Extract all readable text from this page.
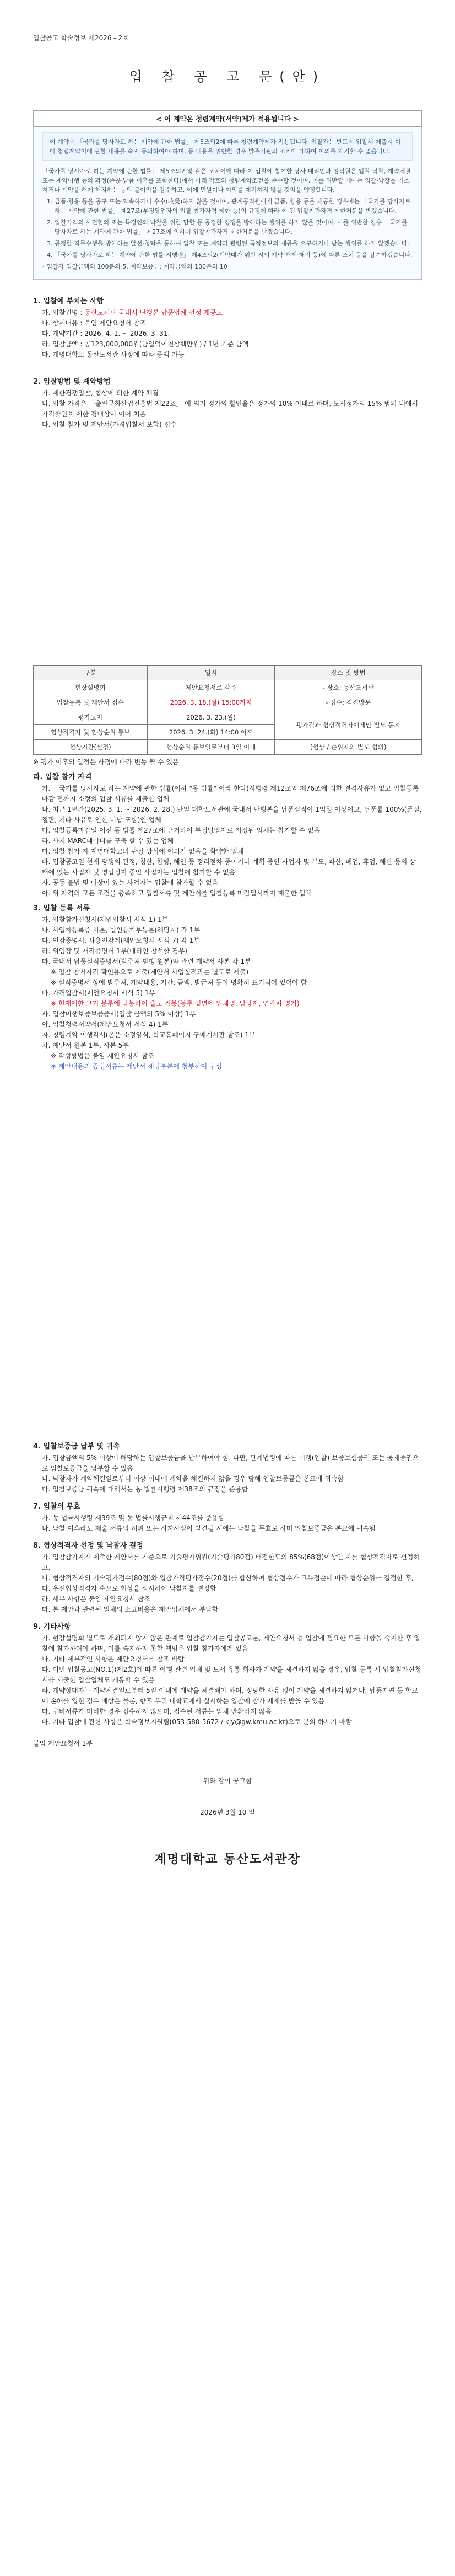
입찰공고 학술정보 제2026 - 2호
입 찰 공 고 문(안)
< 이 계약은 청렴계약(서약)제가 적용됩니다 >
이 계약은 「국가를 당사자로 하는 계약에 관한 법률」 제5조의2에 따른 청렴계약제가 적용됩니다. 입찰자는 반드시 입찰서 제출시 이에 청렴계약이에 관한 내용을 숙지·동의하여야 하며, 동 내용을 위반한 경우 발주기관의 조치에 대하여 이의를 제기할 수 없습니다.

「국가를 당사자로 하는 계약에 관한 법률」 제5조의2 및 같은 조치이에 따라 이 입찰에 참여한 당사 대리인과 임직원은 입찰·낙찰, 계약체결 또는 계약이행 등의 과정(준공·납품 이후를 포함한다)에서 아래 각호의 청렴계약조건을 준수할 것이며, 이를 위반할 때에는 입찰·낙찰을 취소하거나 계약을 해제·해지하는 등의 불이익을 감수하고, 이에 민원이나 이의를 제기하지 않을 것임을 약정합니다.

1. 금품·향응 등을 공구 또는 약속하거나 수수(收受)하지 않을 것이며, 관계공직원에게 금품, 향응 등을 제공한 경우에는 「국가를 당사자로 하는 계약에 관한 법률」 제27조(부정당업자의 입찰 참가자격 제한 등)의 규정에 따라 이 건 입찰참가자격 제한처분을 받겠습니다.
2. 입찰가격의 사전협의 또는 특정인의 낙찰을 위한 담합 등 공정한 경쟁을 방해하는 행위를 하지 않을 것이며, 이를 위반한 경우 「국가를 당사자로 하는 계약에 관한 법률」 제27조에 의하여 입찰참가자격 제한처분을 받겠습니다.
3. 공정한 직무수행을 방해하는 알선·청탁을 통하여 입찰 또는 계약과 관련된 특정정보의 제공을 요구하거나 받는 행위를 하지 않겠습니다.
4. 「국가를 당사자로 하는 계약에 관한 법률 시행령」 제4조의2(계약대가 위반 시의 계약 해제·해지 등)에 따른 조치 등을 감수하겠습니다.

- 입찰자 입찰금액의 100분의 5. 계약보증금: 계약금액의 100분의 10

1. 입찰에 부치는 사항
가. 입찰건명 : 동산도서관 국내서 단행본 납품업체 선정 재공고
나. 상세내용 : 붙임 제안요청서 참조
다. 계약기간 : 2026. 4. 1. ~ 2026. 3. 31.
라. 입찰금액 : 공123,000,000원(금일억이천삼백만원) / 1년 기준 금액
마. 계명대학교 동산도서관 사정에 따라 증액 가능
2. 입찰방법 및 계약방법
가. 제한경쟁입찰, 협상에 의한 계약 체결
나. 입찰 가격은 「출판문화산업진흥법 제22조」 에 의거 정가의 할인율은 정가의 10% 이내로 하며, 도서정가의 15% 범위 내에서 가격할인율 제한 경매상이 이어 처음
다. 입찰 참가 및 제안서(가격입찰서 포함) 접수
구분	일시	장소 및 방법
현장설명회	제안요청서로 갈음	- 장소: 동산도서관
입찰등록 및 제안서 접수	2026. 3. 18.(월) 15:00까지	- 접수: 직접방문
평가고지	2026. 3. 23.(월)	평가결과 협상적격자에게만 별도 통지
협상적격자 및 협상순위 통보	2026. 3. 24.(화) 14:00 이후	
협상기간(실정)	협상순위 통보일로부터 3일 이내	(협상 / 순위자와 별도 협의)
※ 평가 이후의 일정은 사정에 따라 변동 될 수 있음
라. 입찰 참가 자격
가. 「국가를 당사자로 하는 계약에 관한 법률(이하 "동 법률" 이라 한다)시행령 제12조와 제76조에 의한 결격사유가 없고 입찰등록 마감 전까지 소정의 입찰 서류를 제출한 업체
나. 최근 1년간(2025. 3. 1. ~ 2026. 2. 28.) 단일 대학도서관에 국내서 단행본을 납품실적이 1억원 이상이고, 납품률 100%(품절, 절판, 기타 사유로 인한 미납 포함)인 업체
다. 입찰등록마감일 이전 동 법률 제27조에 근거하여 부정당업자로 지정된 업체는 참가할 수 없음
라. 사지 MARC데이터를 구축 할 수 있는 업체
마. 입찰 참가 자 계명대학교의 관장 방식에 이의가 없음을 확약한 업체
바. 입찰공고일 현재 당행의 관정, 청산, 합병, 해인 등 정리절차 중이거나 계획 중인 사업자 및 부도, 파산, 폐업, 휴업, 해산 등의 상태에 있는 사업자 및 영업정지 중인 사업자는 입찰에 참가할 수 없음
사. 공동 불법 및 이상이 있는 사업자는 입찰에 참가할 수 없음
아. 위 자격의 모든 조건을 충족하고 입찰서류 및 제안서를 입찰등록 마감일시까지 제출한 업체
3. 입찰 등록 서류
가. 입찰참가신청서(제안입찰서 서식 1) 1부
나. 사업자등록증 사본, 법인등기부등본(해당시) 각 1부
다. 인감증명서, 사용인감계(제안요청서 서식 7) 각 1부
라. 위임장 및 재직증명서 1부(대리인 참석할 경우)
마. 국내서 납품실적증명서(발주처 발행 원본)와 관련 계약서 사본 각 1부
※ 입찰 참가자격 확인용으로 제출(제안서 사업실적과는 별도로 제출)
※ 실적증명서 상에 발주처, 계약내용, 기간, 금액, 발급처 등이 명확히 표기되어 있어야 함
바. 가격입찰서(제안요청서 서식 5) 1부
※ 현재에한 그기 봉투에 담봉하여 출도 접봉(봉투 겉면에 업체명, 담당자, 연락처 명기)
사. 입찰이행보증보증증서(입찰 금액의 5% 이상) 1부
아. 입찰청렴서약서(제안요청서 서식 4) 1부
자. 청렴계약 이행각서(본은 소정양식, 학교홈페이지 구매계시판 참조) 1부
차. 제안서 원본 1부, 사본 5부
※ 작성방법은 붙임 제안요청서 참조
※ 제안내용의 증빙서류는 제안서 해당부분에 첨부하여 구성
4. 입찰보증금 납부 및 귀속
가. 입찰금액의 5% 이상에 해당하는 입찰보증금을 납부하여야 함. 다만, 관계법령에 따른 이행(입찰) 보증보험증권 또는 공제증권으로 입찰보증금을 납부할 수 있음
나. 낙찰자가 계약체결일로부터 이상 이내에 계약을 체결하지 않을 경우 당해 입찰보증금은 본교에 귀속함
다. 입찰보증금 귀속에 대해서는 동 법률시행령 제38조의 규정을 준용함
7. 입찰의 무효
가. 동 법률시행령 제39조 및 동 법률시행규칙 제44조를 준용함
나. 낙찰 이후라도 제출 서류의 허위 또는 하자사실이 발견될 시에는 낙찰을 무효로 하며 입찰보증금은 본교에 귀속됨
8. 협상적격자 선정 및 낙찰자 결정
가. 입찰참가자가 제출한 제안서를 기준으로 기술평가위원(기술평가80점) 배점한도의 85%(68점)이상인 자를 협상적격자로 선정하고,
나. 협상적격자의 기술평가점수(80점)와 입찰가격평가점수(20점)를 합산하여 협상점수가 고득점순에 따라 협상순위를 결정한 후,
다. 우선협상적격자 순으로 협상을 실시하여 낙찰자를 결정함
라. 세부 사항은 붙임 제안요청서 참조
마. 본 제안과 관련된 일체의 소요비용은 제안업체에서 부담함
9. 기타사항
가. 현장설명회 별도로 개최되지 않지 않은 관계로 입찰참가자는 입찰공고문, 제안요청서 등 입찰에 필요한 모든 사항을 숙지한 후 입찰에 참가하여야 하며, 이를 숙지하지 못한 책임은 입찰 참가자에게 있음
나. 기타 세부적인 사항은 제안요청서를 참조 바람
다. 이번 입찰공고(NO.1)(제2호)에 따른 이행 관련 업체 및 도서 유통 회사가 계약을 체결하지 않을 경우, 입찰 등록 시 입찰참가신청서를 제출한 입찰업체도 개봉할 수 있음
라. 계약상대자는 계약체결일로부터 5일 이내에 계약을 체결해야 하며, 정당한 사유 없이 계약을 체결하지 않거나, 납품지연 등 학교에 손해를 입힌 경우 배상은 물론, 향후 우리 대학교에서 실시하는 입찰에 참가 제재를 받을 수 있음
마. 구비서류가 미비한 경우 접수하지 않으며, 접수된 서류는 일체 반환하지 않음
바. 기타 입찰에 관한 사항은 학술정보지원팀(053-580-5672 / kjy@gw.kmu.ac.kr)으로 문의 하시기 바람
붙임 제안요청서 1부
위와 같이 공고함
2026년 3월 10 일
계명대학교 동산도서관장
